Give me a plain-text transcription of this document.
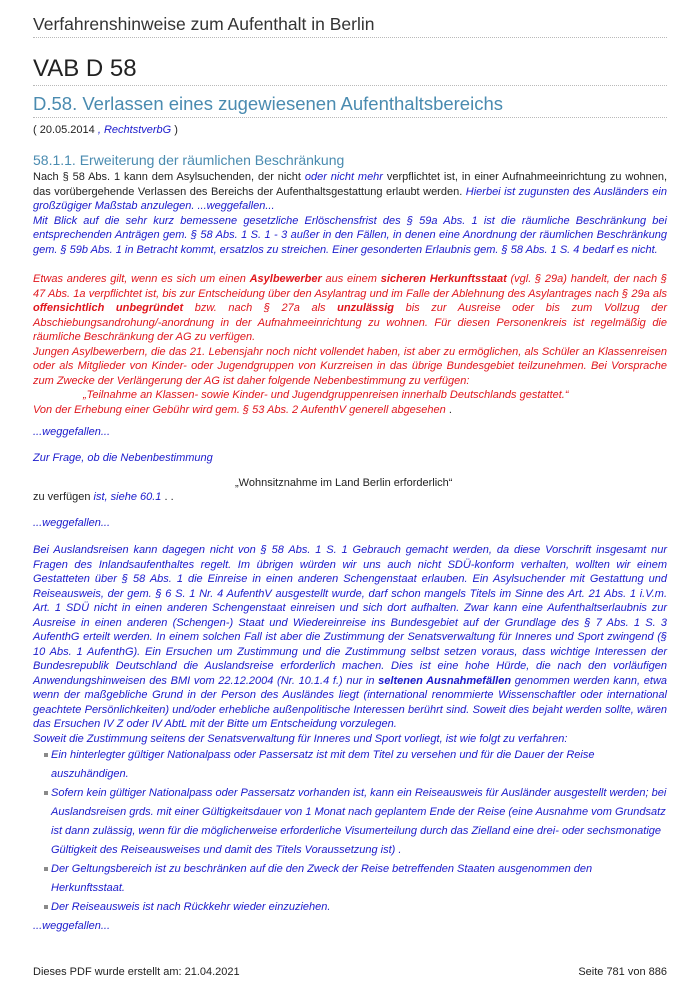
Verfahrenshinweise zum Aufenthalt in Berlin
VAB D 58
D.58. Verlassen eines zugewiesenen Aufenthaltsbereichs
( 20.05.2014 , RechtstverbG )
58.1.1. Erweiterung der räumlichen Beschränkung

Nach § 58 Abs. 1 kann dem Asylsuchenden, der nicht oder nicht mehr verpflichtet ist, in einer Aufnahmeeinrichtung zu wohnen, das vorübergehende Verlassen des Bereichs der Aufenthaltsgestattung erlaubt werden. Hierbei ist zugunsten des Ausländers ein großzügiger Maßstab anzulegen. ...weggefallen...

Mit Blick auf die sehr kurz bemessene gesetzliche Erlöschensfrist des § 59a Abs. 1 ist die räumliche Beschränkung bei entsprechenden Anträgen gem. § 58 Abs. 1 S. 1 - 3 außer in den Fällen, in denen eine Anordnung der räumlichen Beschränkung gem. § 59b Abs. 1 in Betracht kommt, ersatzlos zu streichen. Einer gesonderten Erlaubnis gem. § 58 Abs. 1 S. 4 bedarf es nicht.

Etwas anderes gilt, wenn es sich um einen Asylbewerber aus einem sicheren Herkunftsstaat (vgl. § 29a) handelt, der nach § 47 Abs. 1a verpflichtet ist, bis zur Entscheidung über den Asylantrag und im Falle der Ablehnung des Asylantrages nach § 29a als offensichtlich unbegründet bzw. nach § 27a als unzulässig bis zur Ausreise oder bis zum Vollzug der Abschiebungsandrohung/-anordnung in der Aufnahmeeinrichtung zu wohnen. Für diesen Personenkreis ist regelmäßig die räumliche Beschränkung der AG zu verfügen.

Jungen Asylbewerbern, die das 21. Lebensjahr noch nicht vollendet haben, ist aber zu ermöglichen, als Schüler an Klassenreisen oder als Mitglieder von Kinder- oder Jugendgruppen von Kurzreisen in das übrige Bundesgebiet teilzunehmen. Bei Vorsprache zum Zwecke der Verlängerung der AG ist daher folgende Nebenbestimmung zu verfügen:

„Teilnahme an Klassen- sowie Kinder- und Jugendgruppenreisen innerhalb Deutschlands gestattet.“

Von der Erhebung einer Gebühr wird gem. § 53 Abs. 2 AufenthV generell abgesehen .

...weggefallen...
Zur Frage, ob die Nebenbestimmung
„Wohnsitznahme im Land Berlin erforderlich“
zu verfügen ist, siehe 60.1 . .
...weggefallen...

Bei Auslandsreisen kann dagegen nicht von § 58 Abs. 1 S. 1 Gebrauch gemacht werden, da diese Vorschrift insgesamt nur Fragen des Inlandsaufenthaltes regelt. Im übrigen würden wir uns auch nicht SDÜ-konform verhalten, wollten wir einem Gestatteten über § 58 Abs. 1 die Einreise in einen anderen Schengenstaat erlauben. Ein Asylsuchender mit Gestattung und Reiseausweis, der gem. § 6 S. 1 Nr. 4 AufenthV ausgestellt wurde, darf schon mangels Titels im Sinne des Art. 21 Abs. 1 i.V.m. Art. 1 SDÜ nicht in einen anderen Schengenstaat einreisen und sich dort aufhalten. Zwar kann eine Aufenthaltserlaubnis zur Ausreise in einen anderen (Schengen-) Staat und Wiedereinreise ins Bundesgebiet auf der Grundlage des § 7 Abs. 1 S. 3 AufenthG erteilt werden. In einem solchen Fall ist aber die Zustimmung der Senatsverwaltung für Inneres und Sport zwingend (§ 10 Abs. 1 AufenthG). Ein Ersuchen um Zustimmung und die Zustimmung selbst setzen voraus, dass wichtige Interessen der Bundesrepublik Deutschland die Auslandsreise erforderlich machen. Dies ist eine hohe Hürde, die nach den vorläufigen Anwendungshinweisen des BMI vom 22.12.2004 (Nr. 10.1.4 f.) nur in seltenen Ausnahmefällen genommen werden kann, etwa wenn der maßgebliche Grund in der Person des Ausländes liegt (international renommierte Wissenschaftler oder international geachtete Persönlichkeiten) und/oder erhebliche außenpolitische Interessen berührt sind. Soweit dies bejaht werden sollte, wären das Ersuchen IV Z oder IV AbtL mit der Bitte um Entscheidung vorzulegen.

Soweit die Zustimmung seitens der Senatsverwaltung für Inneres und Sport vorliegt, ist wie folgt zu verfahren:

Ein hinterlegter gültiger Nationalpass oder Passersatz ist mit dem Titel zu versehen und für die Dauer der Reise auszuhändigen.
Sofern kein gültiger Nationalpass oder Passersatz vorhanden ist, kann ein Reiseausweis für Ausländer ausgestellt werden; bei Auslandsreisen grds. mit einer Gültigkeitsdauer von 1 Monat nach geplantem Ende der Reise (eine Ausnahme vom Grundsatz ist dann zulässig, wenn für die möglicherweise erforderliche Visumerteilung durch das Zielland eine drei- oder sechsmonatige Gültigkeit des Reiseausweises und damit des Titels Voraussetzung ist) .
Der Geltungsbereich ist zu beschränken auf die den Zweck der Reise betreffenden Staaten ausgenommen den Herkunftsstaat.
Der Reiseausweis ist nach Rückkehr wieder einzuziehen.
...weggefallen...
Dieses PDF wurde erstellt am: 21.04.2021	Seite 781 von 886
